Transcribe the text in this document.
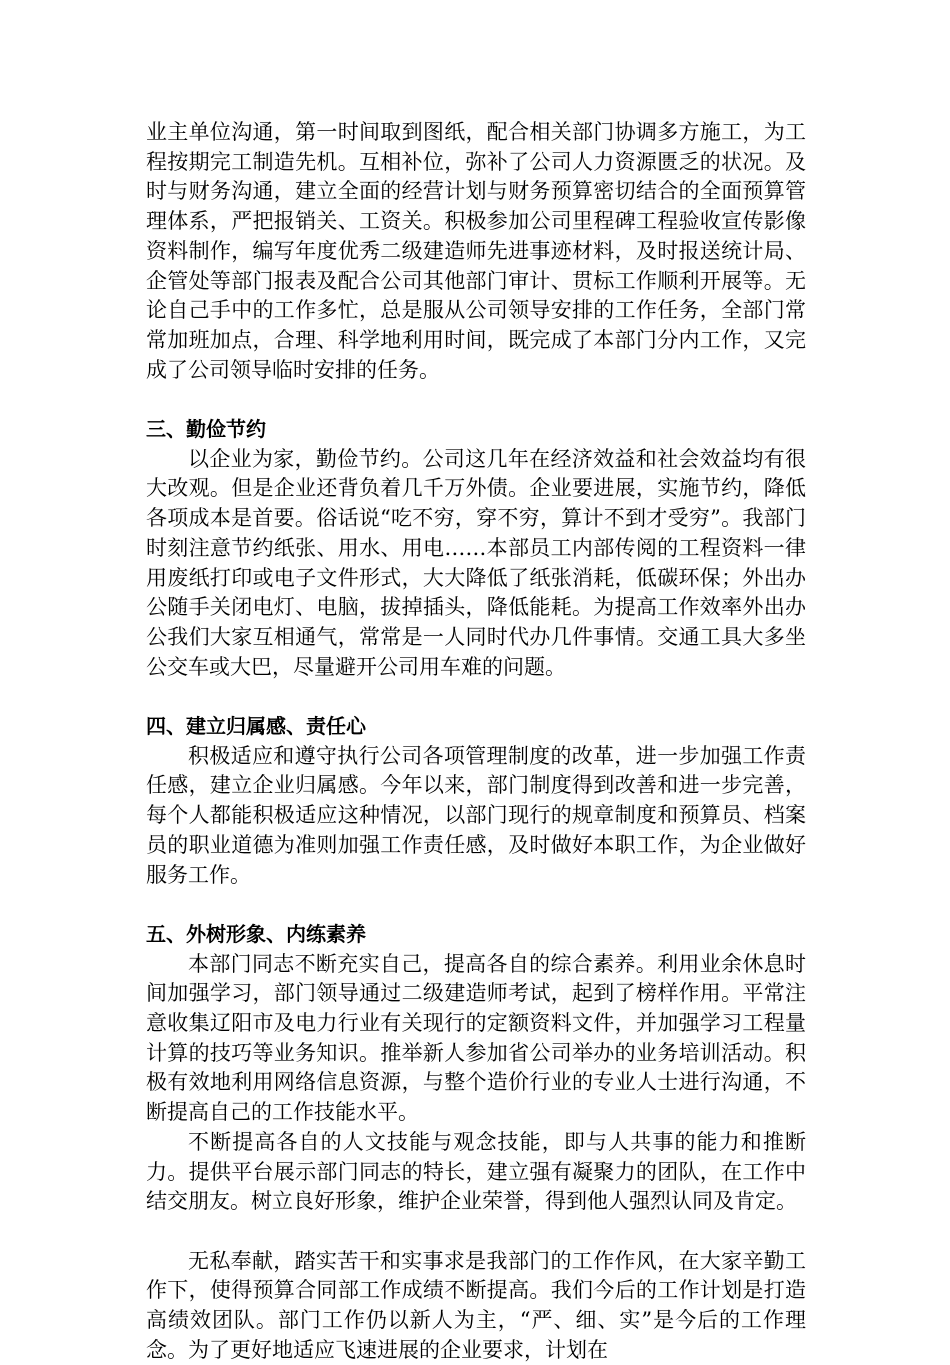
业主单位沟通，第一时间取到图纸，配合相关部门协调多方施工，为工程按期完工制造先机。互相补位，弥补了公司人力资源匮乏的状况。及时与财务沟通，建立全面的经营计划与财务预算密切结合的全面预算管理体系，严把报销关、工资关。积极参加公司里程碑工程验收宣传影像资料制作，编写年度优秀二级建造师先进事迹材料，及时报送统计局、企管处等部门报表及配合公司其他部门审计、贯标工作顺利开展等。无论自己手中的工作多忙，总是服从公司领导安排的工作任务，全部门常常加班加点，合理、科学地利用时间，既完成了本部门分内工作，又完成了公司领导临时安排的任务。

三、勤俭节约

以企业为家，勤俭节约。公司这几年在经济效益和社会效益均有很大改观。但是企业还背负着几千万外债。企业要进展，实施节约，降低各项成本是首要。俗话说“吃不穷，穿不穷，算计不到才受穷”。我部门时刻注意节约纸张、用水、用电……本部员工内部传阅的工程资料一律用废纸打印或电子文件形式，大大降低了纸张消耗，低碳环保；外出办公随手关闭电灯、电脑，拔掉插头，降低能耗。为提高工作效率外出办公我们大家互相通气，常常是一人同时代办几件事情。交通工具大多坐公交车或大巴，尽量避开公司用车难的问题。

四、建立归属感、责任心

积极适应和遵守执行公司各项管理制度的改革，进一步加强工作责任感，建立企业归属感。今年以来，部门制度得到改善和进一步完善，每个人都能积极适应这种情况，以部门现行的规章制度和预算员、档案员的职业道德为准则加强工作责任感，及时做好本职工作，为企业做好服务工作。

五、外树形象、内练素养

本部门同志不断充实自己，提高各自的综合素养。利用业余休息时间加强学习，部门领导通过二级建造师考试，起到了榜样作用。平常注意收集辽阳市及电力行业有关现行的定额资料文件，并加强学习工程量计算的技巧等业务知识。推举新人参加省公司举办的业务培训活动。积极有效地利用网络信息资源，与整个造价行业的专业人士进行沟通，不断提高自己的工作技能水平。

不断提高各自的人文技能与观念技能，即与人共事的能力和推断力。提供平台展示部门同志的特长，建立强有凝聚力的团队，在工作中结交朋友。树立良好形象，维护企业荣誉，得到他人强烈认同及肯定。

无私奉献，踏实苦干和实事求是我部门的工作作风，在大家辛勤工作下，使得预算合同部工作成绩不断提高。我们今后的工作计划是打造高绩效团队。部门工作仍以新人为主，“严、细、实”是今后的工作理念。为了更好地适应飞速进展的企业要求，计划在
